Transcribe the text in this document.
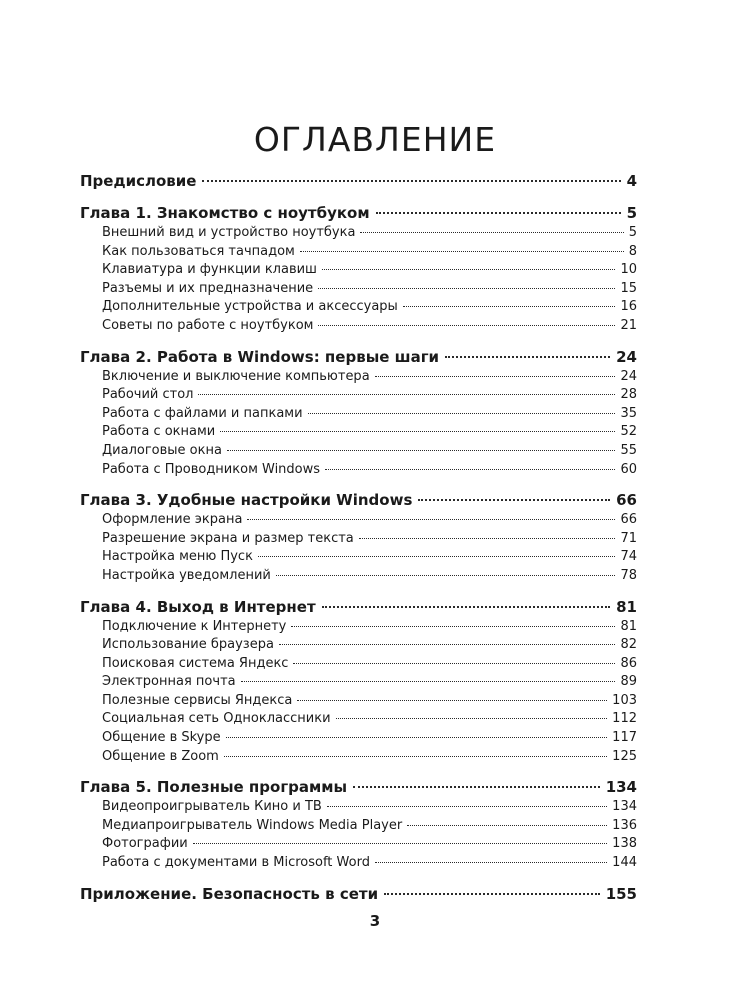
ОГЛАВЛЕНИЕ
Предисловие	4
Глава 1. Знакомство с ноутбуком	5
Внешний вид и устройство ноутбука	5
Как пользоваться тачпадом	8
Клавиатура и функции клавиш	10
Разъемы и их предназначение	15
Дополнительные устройства и аксессуары	16
Советы по работе с ноутбуком	21
Глава 2. Работа в Windows: первые шаги	24
Включение и выключение компьютера	24
Рабочий стол	28
Работа с файлами и папками	35
Работа с окнами	52
Диалоговые окна	55
Работа с Проводником Windows	60
Глава 3. Удобные настройки Windows	66
Оформление экрана	66
Разрешение экрана и размер текста	71
Настройка меню Пуск	74
Настройка уведомлений	78
Глава 4. Выход в Интернет	81
Подключение к Интернету	81
Использование браузера	82
Поисковая система Яндекс	86
Электронная почта	89
Полезные сервисы Яндекса	103
Социальная сеть Одноклассники	112
Общение в Skype	117
Общение в Zoom	125
Глава 5. Полезные программы	134
Видеопроигрыватель Кино и ТВ	134
Медиапроигрыватель Windows Media Player	136
Фотографии	138
Работа с документами в Microsoft Word	144
Приложение. Безопасность в сети	155
3
